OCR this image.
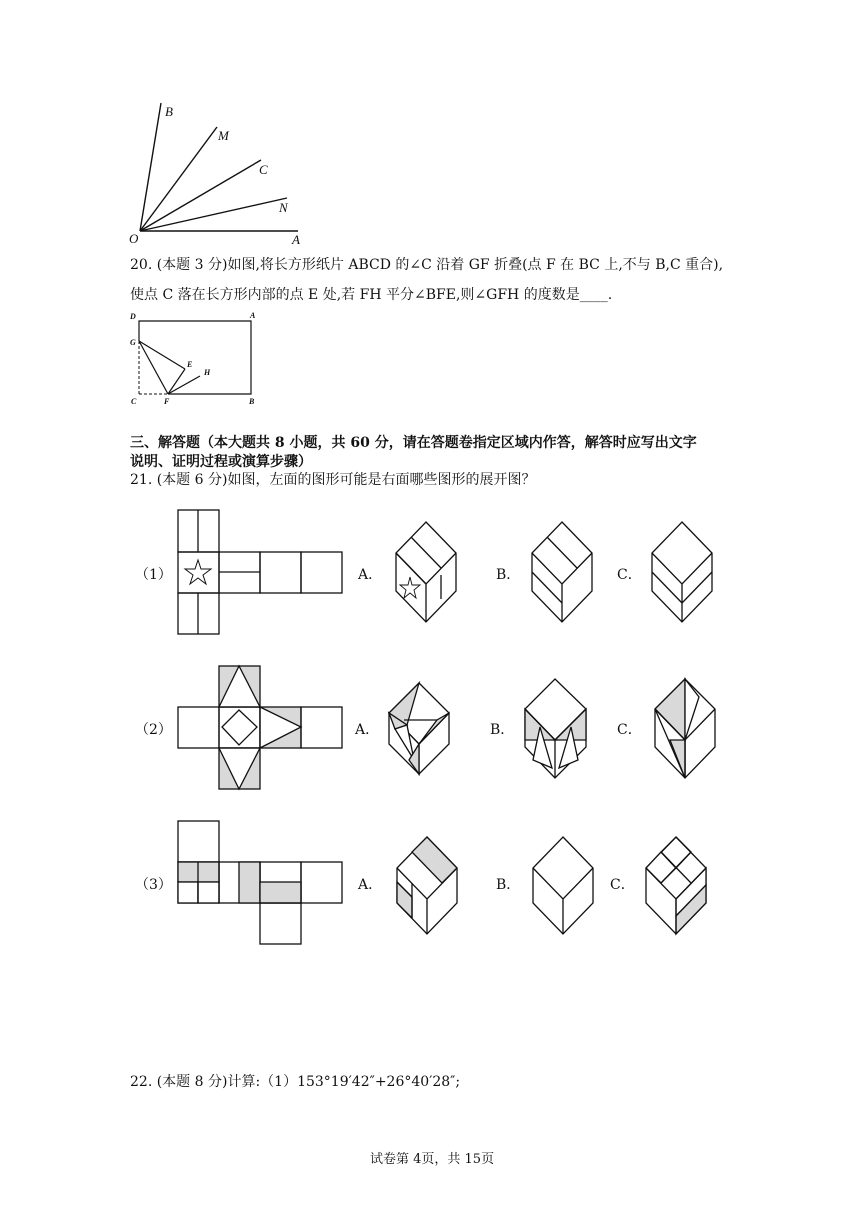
B
M
C
N
O	A
20. (本题 3 分)如图,将长方形纸片 ABCD 的∠C 沿着 GF 折叠(点 F 在 BC 上,不与 B,C 重合),
使点 C 落在长方形内部的点 E 处,若 FH 平分∠BFE,则∠GFH 的度数是____.
D	A
G
E
H
C	F	B
三、解答题（本大题共 8 小题，共 60 分，请在答题卷指定区域内作答，解答时应写出文字
说明、证明过程或演算步骤）
21. (本题 6 分)如图，左面的图形可能是右面哪些图形的展开图？
（1）	A．	B．	C．
（2）	A．	B．	C．
（3）	A．	B．	C．
22. (本题 8 分)计算:（1）153°19′42″+26°40′28″;
试卷第 4页，共 15页
